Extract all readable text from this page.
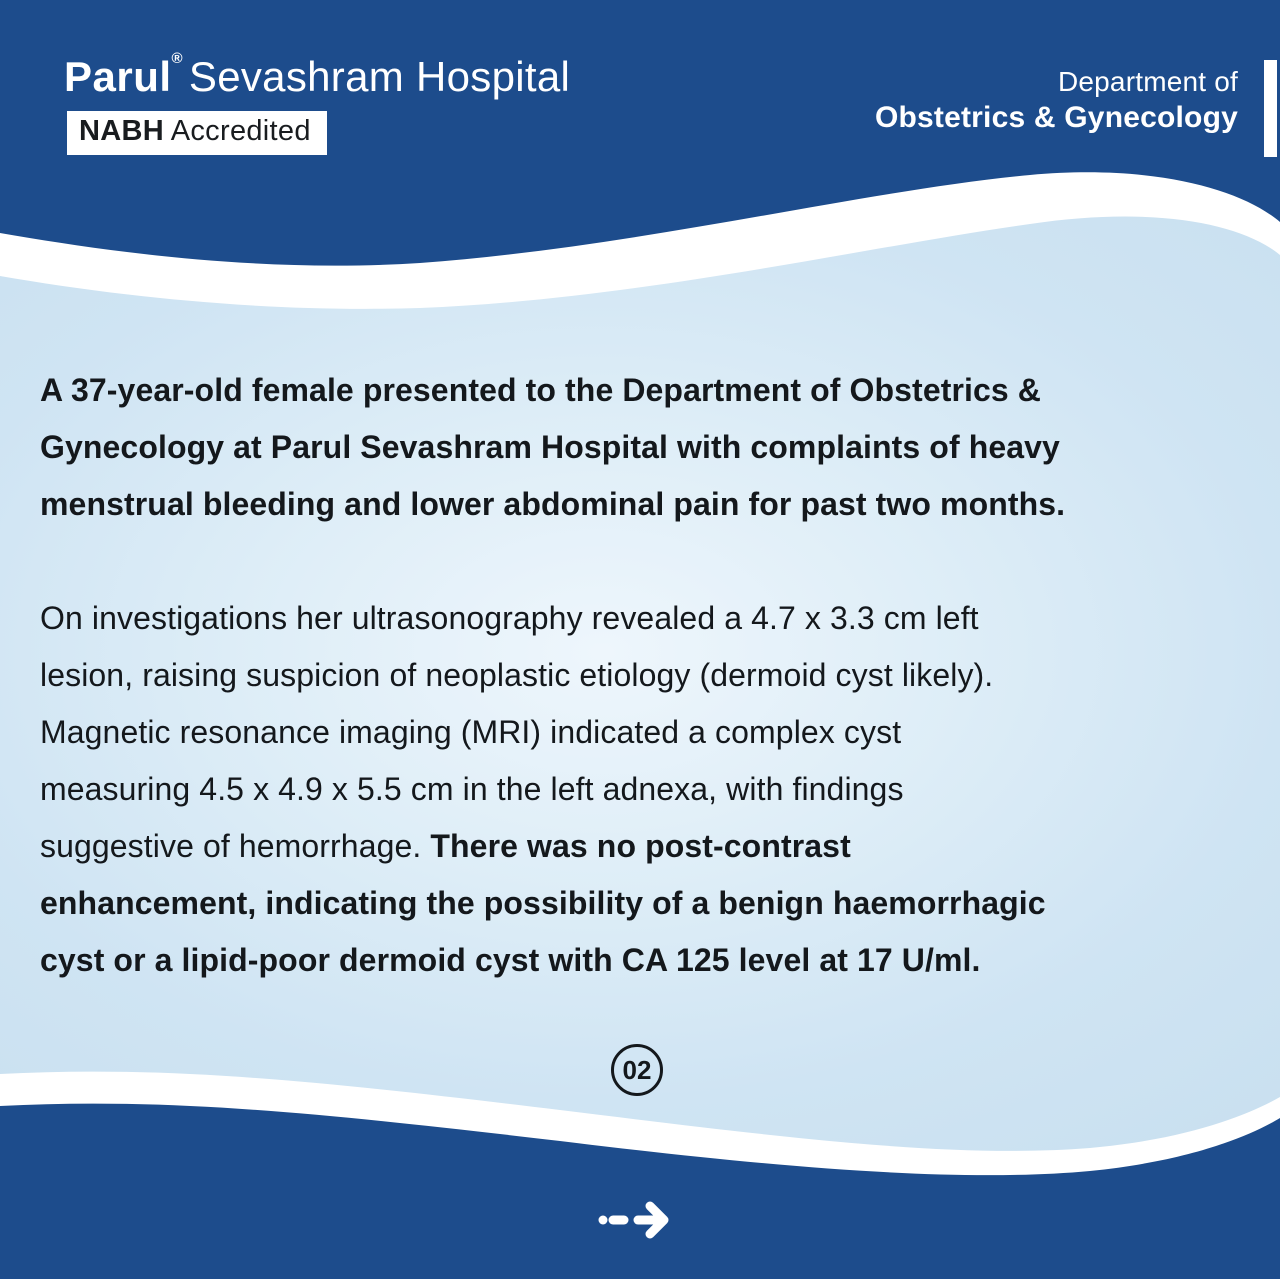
Parul® Sevashram Hospital
NABH Accredited
Department of
Obstetrics & Gynecology
A 37-year-old female presented to the Department of Obstetrics &
Gynecology at Parul Sevashram Hospital with complaints of heavy
menstrual bleeding and lower abdominal pain for past two months.
On investigations her ultrasonography revealed a 4.7 x 3.3 cm left
lesion, raising suspicion of neoplastic etiology (dermoid cyst likely).
Magnetic resonance imaging (MRI) indicated a complex cyst
measuring 4.5 x 4.9 x 5.5 cm in the left adnexa, with findings
suggestive of hemorrhage. There was no post-contrast
enhancement, indicating the possibility of a benign haemorrhagic
cyst or a lipid-poor dermoid cyst with CA 125 level at 17 U/ml.
02
